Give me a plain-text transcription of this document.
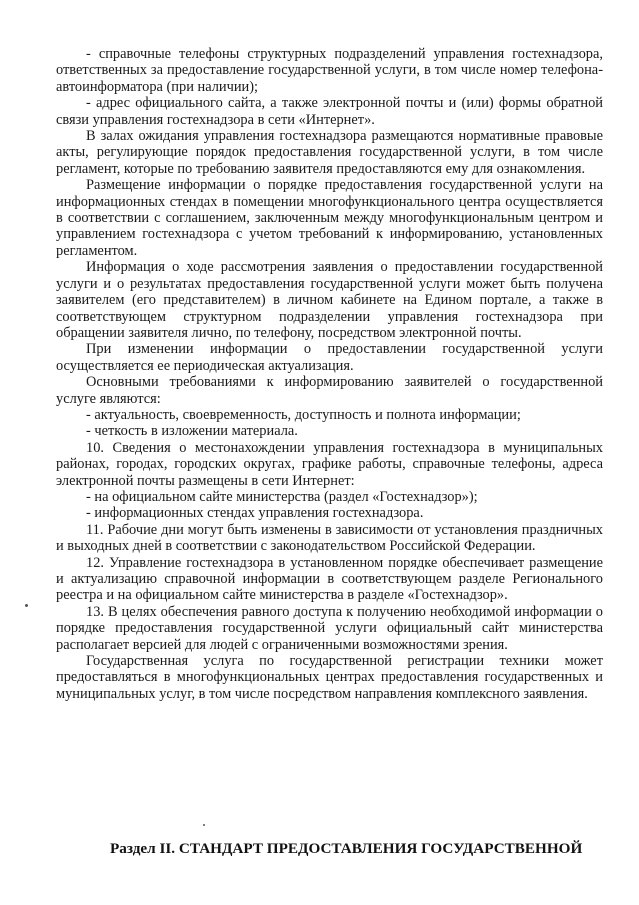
- справочные телефоны структурных подразделений управления гостехнадзора, ответственных за предоставление государственной услуги, в том числе номер телефона-автоинформатора (при наличии);

- адрес официального сайта, а также электронной почты и (или) формы обратной связи управления гостехнадзора в сети «Интернет».

В залах ожидания управления гостехнадзора размещаются нормативные правовые акты, регулирующие порядок предоставления государственной услуги, в том числе регламент, которые по требованию заявителя предоставляются ему для ознакомления.

Размещение информации о порядке предоставления государственной услуги на информационных стендах в помещении многофункционального центра осуществляется в соответствии с соглашением, заключенным между многофункциональным центром и управлением гостехнадзора с учетом требований к информированию, установленных регламентом.

Информация о ходе рассмотрения заявления о предоставлении государственной услуги и о результатах предоставления государственной услуги может быть получена заявителем (его представителем) в личном кабинете на Едином портале, а также в соответствующем структурном подразделении управления гостехнадзора при обращении заявителя лично, по телефону, посредством электронной почты.

При изменении информации о предоставлении государственной услуги осуществляется ее периодическая актуализация.

Основными требованиями к информированию заявителей о государственной услуге являются:

- актуальность, своевременность, доступность и полнота информации;

- четкость в изложении материала.

10. Сведения о местонахождении управления гостехнадзора в муниципальных районах, городах, городских округах, графике работы, справочные телефоны, адреса электронной почты размещены в сети Интернет:

- на официальном сайте министерства (раздел «Гостехнадзор»);

- информационных стендах управления гостехнадзора.

11. Рабочие дни могут быть изменены в зависимости от установления праздничных и выходных дней в соответствии с законодательством Российской Федерации.

12. Управление гостехнадзора в установленном порядке обеспечивает размещение и актуализацию справочной информации в соответствующем разделе Регионального реестра и на официальном сайте министерства в разделе «Гостехнадзор».

13. В целях обеспечения равного доступа к получению необходимой информации о порядке предоставления государственной услуги официальный сайт министерства располагает версией для людей с ограниченными возможностями зрения.

Государственная услуга по государственной регистрации техники может предоставляться в многофункциональных центрах предоставления государственных и муниципальных услуг, в том числе посредством направления комплексного заявления.

Раздел II. СТАНДАРТ ПРЕДОСТАВЛЕНИЯ ГОСУДАРСТВЕННОЙ
